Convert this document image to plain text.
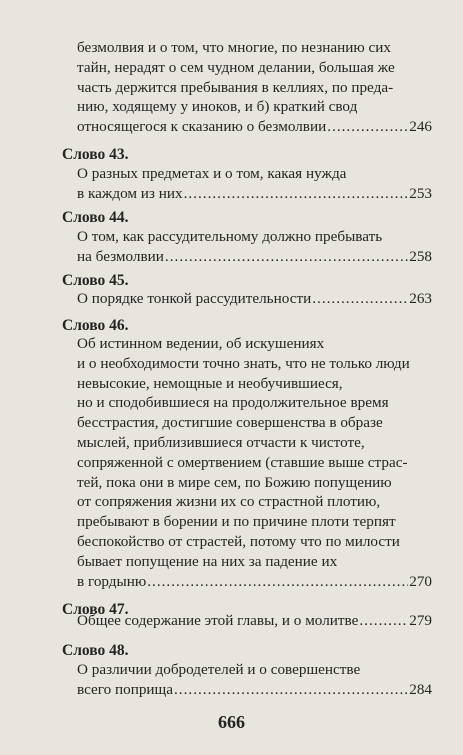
безмолвия и о том, что многие, по незнанию сих
тайн, нерадят о сем чудном делании, большая же
часть держится пребывания в келлиях, по преда-
нию, ходящему у иноков, и б) краткий свод
относящегося к сказанию о безмолвии .....	246
Слово 43.
О разных предметах и о том, какая нужда
в каждом из них .....	253
Слово 44.
О том, как рассудительному должно пребывать
на безмолвии .....	258
Слово 45.
О порядке тонкой рассудительности .....	263
Слово 46.
Об истинном ведении, об искушениях
и о необходимости точно знать, что не только люди
невысокие, немощные и необучившиеся,
но и сподобившиеся на продолжительное время
бесстрастия, достигшие совершенства в образе
мыслей, приблизившиеся отчасти к чистоте,
сопряженной с омертвением (ставшие выше страс-
тей, пока они в мире сем, по Божию попущению
от сопряжения жизни их со страстной плотию,
пребывают в борении и по причине плоти терпят
беспокойство от страстей, потому что по милости
бывает попущение на них за падение их
в гордыню .....	270
Слово 47.
Общее содержание этой главы, и о молитве .....	279
Слово 48.
О различии добродетелей и о совершенстве
всего поприща .....	284
666
